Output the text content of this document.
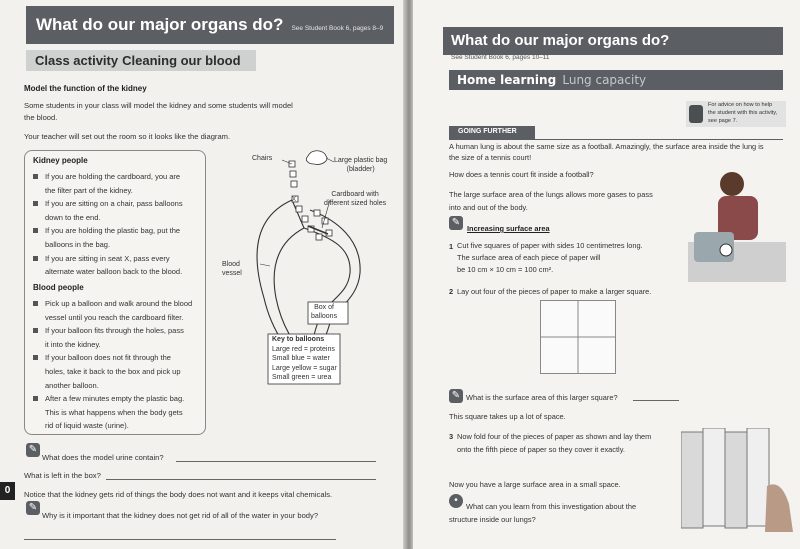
What do our major organs do? See Student Book 6, pages 8–9
Class activity Cleaning our blood
Model the function of the kidney
Some students in your class will model the kidney and some students will model
the blood.
Your teacher will set out the room so it looks like the diagram.
Kidney people
If you are holding the cardboard, you are
the filter part of the kidney.
If you are sitting on a chair, pass balloons
down to the end.
If you are holding the plastic bag, put the
balloons in the bag.
If you are sitting in seat X, pass every
alternate water balloon back to the blood.
Blood people
Pick up a balloon and walk around the blood
vessel until you reach the cardboard filter.
If your balloon fits through the holes, pass
it into the kidney.
If your balloon does not fit through the
holes, take it back to the box and pick up
another balloon.
After a few minutes empty the plastic bag.
This is what happens when the body gets
rid of liquid waste (urine).
X
Chairs	Large plastic bag
(bladder)
Cardboard with
different sized holes
Blood
vessel
Box of
balloons
Key to balloons
Large red = proteins
Small blue = water
Large yellow = sugar
Small green = urea
✎
What does the model urine contain?
What is left in the box?
0	Notice that the kidney gets rid of things the body does not want and it keeps vital chemicals.
✎
Why is it important that the kidney does not get rid of all of the water in your body?
What do our major organs do?
See Student Book 6, pages 10–11
Home learning Lung capacity
For advice on how to help
the student with this activity,
see page 7.
GOING FURTHER
A human lung is about the same size as a football. Amazingly, the surface area inside the lung is
the size of a tennis court!
How does a tennis court fit inside a football?
The large surface area of the lungs allows more gases to pass
into and out of the body.
✎
Increasing surface area
1 Cut five squares of paper with sides 10 centimetres long.
The surface area of each piece of paper will
be 10 cm × 10 cm = 100 cm².
2 Lay out four of the pieces of paper to make a larger square.
✎ What is the surface area of this larger square?
This square takes up a lot of space.
3 Now fold four of the pieces of paper as shown and lay them
onto the fifth piece of paper so they cover it exactly.
Now you have a large surface area in a small space.
•
What can you learn from this investigation about the
structure inside our lungs?
